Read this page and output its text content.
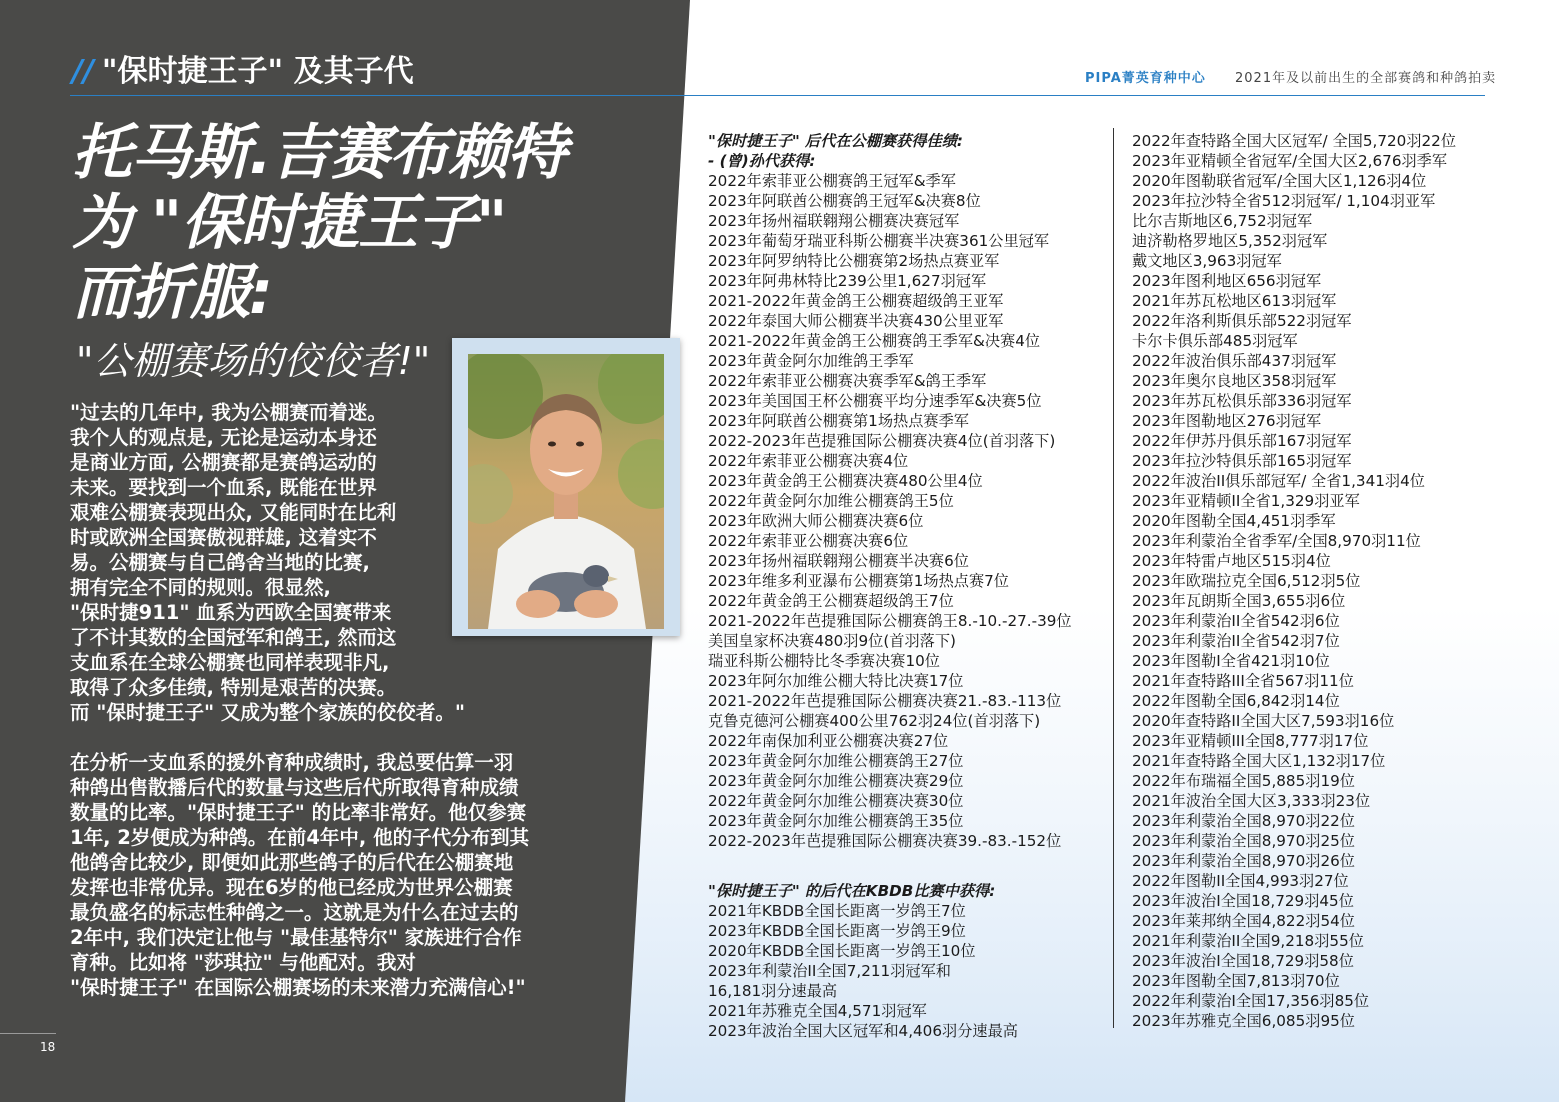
// "保时捷王子" 及其子代	PIPA菁英育种中心 2021年及以前出生的全部赛鸽和种鸽拍卖
托马斯.吉赛布赖特
为 "保时捷王子"
而折服:
"公棚赛场的佼佼者!"
"过去的几年中, 我为公棚赛而着迷。
我个人的观点是, 无论是运动本身还
是商业方面, 公棚赛都是赛鸽运动的
未来。要找到一个血系, 既能在世界
艰难公棚赛表现出众, 又能同时在比利
时或欧洲全国赛傲视群雄, 这着实不
易。公棚赛与自己鸽舍当地的比赛,
拥有完全不同的规则。很显然,
"保时捷911" 血系为西欧全国赛带来
了不计其数的全国冠军和鸽王, 然而这
支血系在全球公棚赛也同样表现非凡,
取得了众多佳绩, 特别是艰苦的决赛。
而 "保时捷王子" 又成为整个家族的佼佼者。"
在分析一支血系的援外育种成绩时, 我总要估算一羽
种鸽出售散播后代的数量与这些后代所取得育种成绩
数量的比率。"保时捷王子" 的比率非常好。他仅参赛
1年, 2岁便成为种鸽。在前4年中, 他的子代分布到其
他鸽舍比较少, 即便如此那些鸽子的后代在公棚赛地
发挥也非常优异。现在6岁的他已经成为世界公棚赛
最负盛名的标志性种鸽之一。这就是为什么在过去的
2年中, 我们决定让他与 "最佳基特尔" 家族进行合作
育种。比如将 "莎琪拉" 与他配对。我对
"保时捷王子" 在国际公棚赛场的未来潜力充满信心!"
18
"保时捷王子" 后代在公棚赛获得佳绩:
- (曾)孙代获得:
2022年索菲亚公棚赛鸽王冠军&季军
2023年阿联酋公棚赛鸽王冠军&决赛8位
2023年扬州福联翱翔公棚赛决赛冠军
2023年葡萄牙瑞亚科斯公棚赛半决赛361公里冠军
2023年阿罗纳特比公棚赛第2场热点赛亚军
2023年阿弗林特比239公里1,627羽冠军
2021-2022年黄金鸽王公棚赛超级鸽王亚军
2022年泰国大师公棚赛半决赛430公里亚军
2021-2022年黄金鸽王公棚赛鸽王季军&决赛4位
2023年黄金阿尔加维鸽王季军
2022年索菲亚公棚赛决赛季军&鸽王季军
2023年美国国王杯公棚赛平均分速季军&决赛5位
2023年阿联酋公棚赛第1场热点赛季军
2022-2023年芭提雅国际公棚赛决赛4位(首羽落下)
2022年索菲亚公棚赛决赛4位
2023年黄金鸽王公棚赛决赛480公里4位
2022年黄金阿尔加维公棚赛鸽王5位
2023年欧洲大师公棚赛决赛6位
2022年索菲亚公棚赛决赛6位
2023年扬州福联翱翔公棚赛半决赛6位
2023年维多利亚瀑布公棚赛第1场热点赛7位
2022年黄金鸽王公棚赛超级鸽王7位
2021-2022年芭提雅国际公棚赛鸽王8.-10.-27.-39位
美国皇家杯决赛480羽9位(首羽落下)
瑞亚科斯公棚特比冬季赛决赛10位
2023年阿尔加维公棚大特比决赛17位
2021-2022年芭提雅国际公棚赛决赛21.-83.-113位
克鲁克德河公棚赛400公里762羽24位(首羽落下)
2022年南保加利亚公棚赛决赛27位
2023年黄金阿尔加维公棚赛鸽王27位
2023年黄金阿尔加维公棚赛决赛29位
2022年黄金阿尔加维公棚赛决赛30位
2023年黄金阿尔加维公棚赛鸽王35位
2022-2023年芭提雅国际公棚赛决赛39.-83.-152位
"保时捷王子" 的后代在KBDB比赛中获得:
2021年KBDB全国长距离一岁鸽王7位
2023年KBDB全国长距离一岁鸽王9位
2020年KBDB全国长距离一岁鸽王10位
2023年利蒙治II全国7,211羽冠军和
16,181羽分速最高
2021年苏雅克全国4,571羽冠军
2023年波治全国大区冠军和4,406羽分速最高
2022年查特路全国大区冠军/ 全国5,720羽22位
2023年亚精顿全省冠军/全国大区2,676羽季军
2020年图勒联省冠军/全国大区1,126羽4位
2023年拉沙特全省512羽冠军/ 1,104羽亚军
比尔吉斯地区6,752羽冠军
迪济勒格罗地区5,352羽冠军
戴文地区3,963羽冠军
2023年图利地区656羽冠军
2021年苏瓦松地区613羽冠军
2022年洛利斯俱乐部522羽冠军
卡尔卡俱乐部485羽冠军
2022年波治俱乐部437羽冠军
2023年奥尔良地区358羽冠军
2023年苏瓦松俱乐部336羽冠军
2023年图勒地区276羽冠军
2022年伊苏丹俱乐部167羽冠军
2023年拉沙特俱乐部165羽冠军
2022年波治II俱乐部冠军/ 全省1,341羽4位
2023年亚精顿II全省1,329羽亚军
2020年图勒全国4,451羽季军
2023年利蒙治全省季军/全国8,970羽11位
2023年特雷卢地区515羽4位
2023年欧瑞拉克全国6,512羽5位
2023年瓦朗斯全国3,655羽6位
2023年利蒙治II全省542羽6位
2023年利蒙治II全省542羽7位
2023年图勒I全省421羽10位
2021年查特路III全省567羽11位
2022年图勒全国6,842羽14位
2020年查特路II全国大区7,593羽16位
2023年亚精顿III全国8,777羽17位
2021年查特路全国大区1,132羽17位
2022年布瑞福全国5,885羽19位
2021年波治全国大区3,333羽23位
2023年利蒙治全国8,970羽22位
2023年利蒙治全国8,970羽25位
2023年利蒙治全国8,970羽26位
2022年图勒II全国4,993羽27位
2023年波治I全国18,729羽45位
2023年莱邦纳全国4,822羽54位
2021年利蒙治II全国9,218羽55位
2023年波治I全国18,729羽58位
2023年图勒全国7,813羽70位
2022年利蒙治I全国17,356羽85位
2023年苏雅克全国6,085羽95位
